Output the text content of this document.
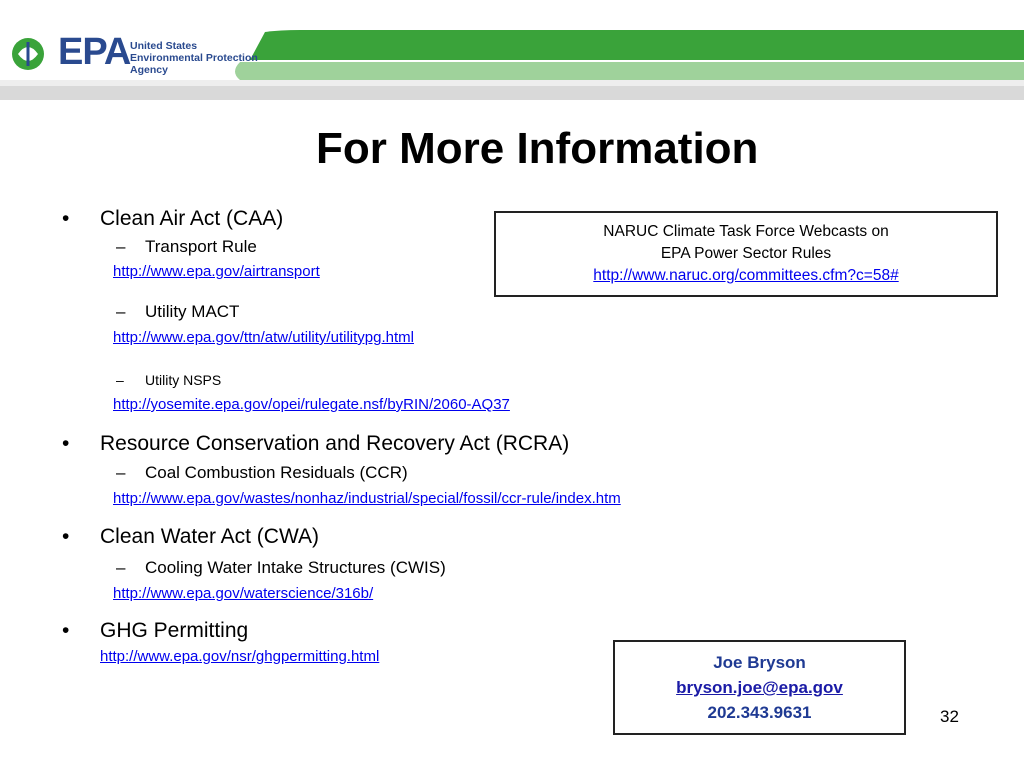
EPA United States
Environmental Protection
Agency
For More Information
• Clean Air Act (CAA)
– Transport Rule
http://www.epa.gov/airtransport
– Utility MACT
http://www.epa.gov/ttn/atw/utility/utilitypg.html
– Utility NSPS
http://yosemite.epa.gov/opei/rulegate.nsf/byRIN/2060-AQ37
• Resource Conservation and Recovery Act (RCRA)
– Coal Combustion Residuals (CCR)
http://www.epa.gov/wastes/nonhaz/industrial/special/fossil/ccr-rule/index.htm
• Clean Water Act (CWA)
– Cooling Water Intake Structures (CWIS)
http://www.epa.gov/waterscience/316b/
• GHG Permitting
http://www.epa.gov/nsr/ghgpermitting.html
NARUC Climate Task Force Webcasts on
EPA Power Sector Rules
http://www.naruc.org/committees.cfm?c=58#
Joe Bryson
bryson.joe@epa.gov
202.343.9631	32
